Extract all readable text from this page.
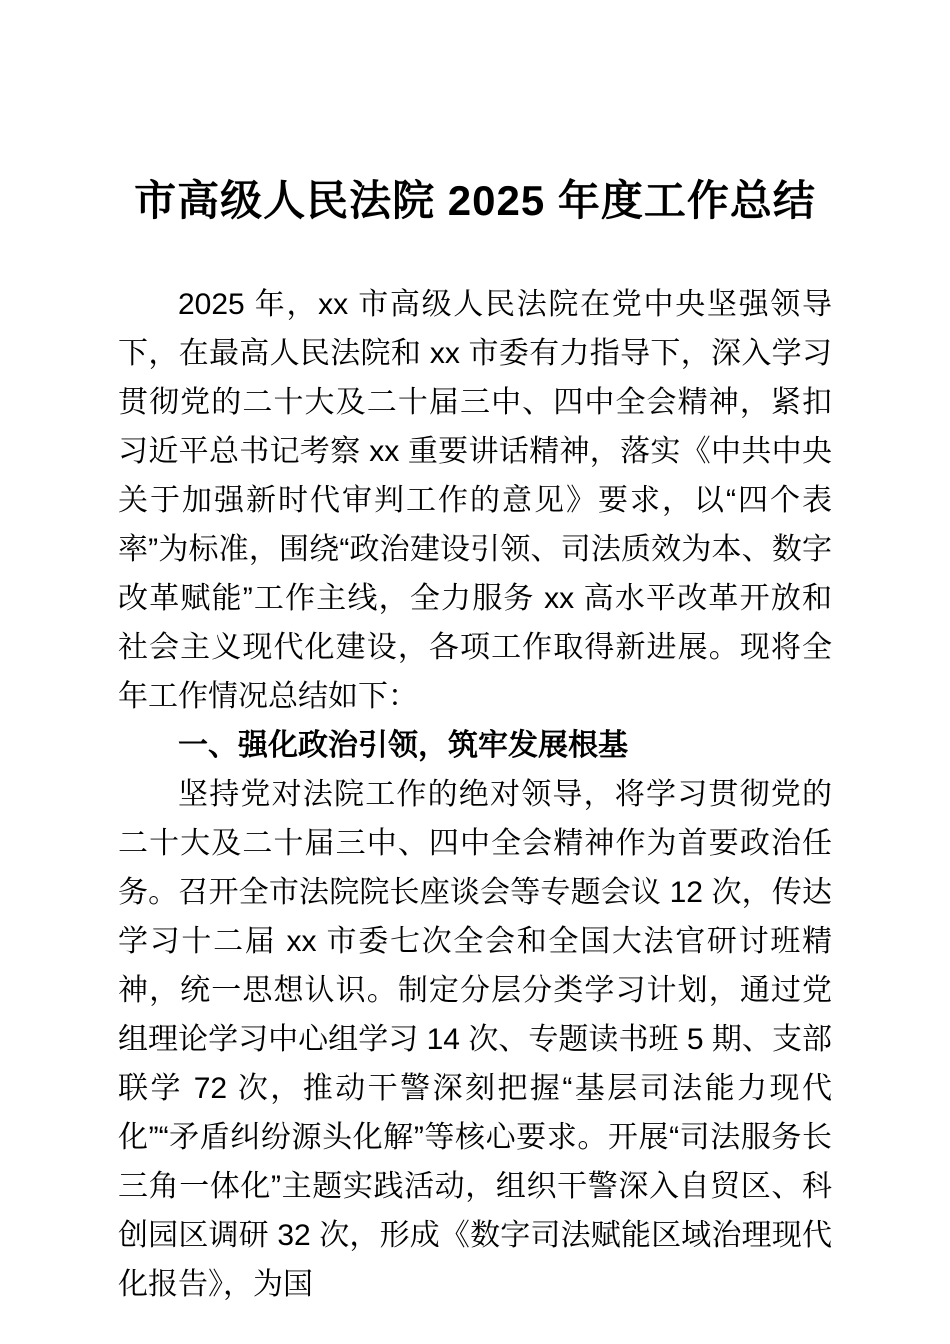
市高级人民法院 2025 年度工作总结

2025 年，xx 市高级人民法院在党中央坚强领导下，在最高人民法院和 xx 市委有力指导下，深入学习贯彻党的二十大及二十届三中、四中全会精神，紧扣习近平总书记考察 xx 重要讲话精神，落实《中共中央关于加强新时代审判工作的意见》要求，以“四个表率”为标准，围绕“政治建设引领、司法质效为本、数字改革赋能”工作主线，全力服务 xx 高水平改革开放和社会主义现代化建设，各项工作取得新进展。现将全年工作情况总结如下：

一、强化政治引领，筑牢发展根基

坚持党对法院工作的绝对领导，将学习贯彻党的二十大及二十届三中、四中全会精神作为首要政治任务。召开全市法院院长座谈会等专题会议 12 次，传达学习十二届 xx 市委七次全会和全国大法官研讨班精神，统一思想认识。制定分层分类学习计划，通过党组理论学习中心组学习 14 次、专题读书班 5 期、支部联学 72 次，推动干警深刻把握“基层司法能力现代化”“矛盾纠纷源头化解”等核心要求。开展“司法服务长三角一体化”主题实践活动，组织干警深入自贸区、科创园区调研 32 次，形成《数字司法赋能区域治理现代化报告》，为国
